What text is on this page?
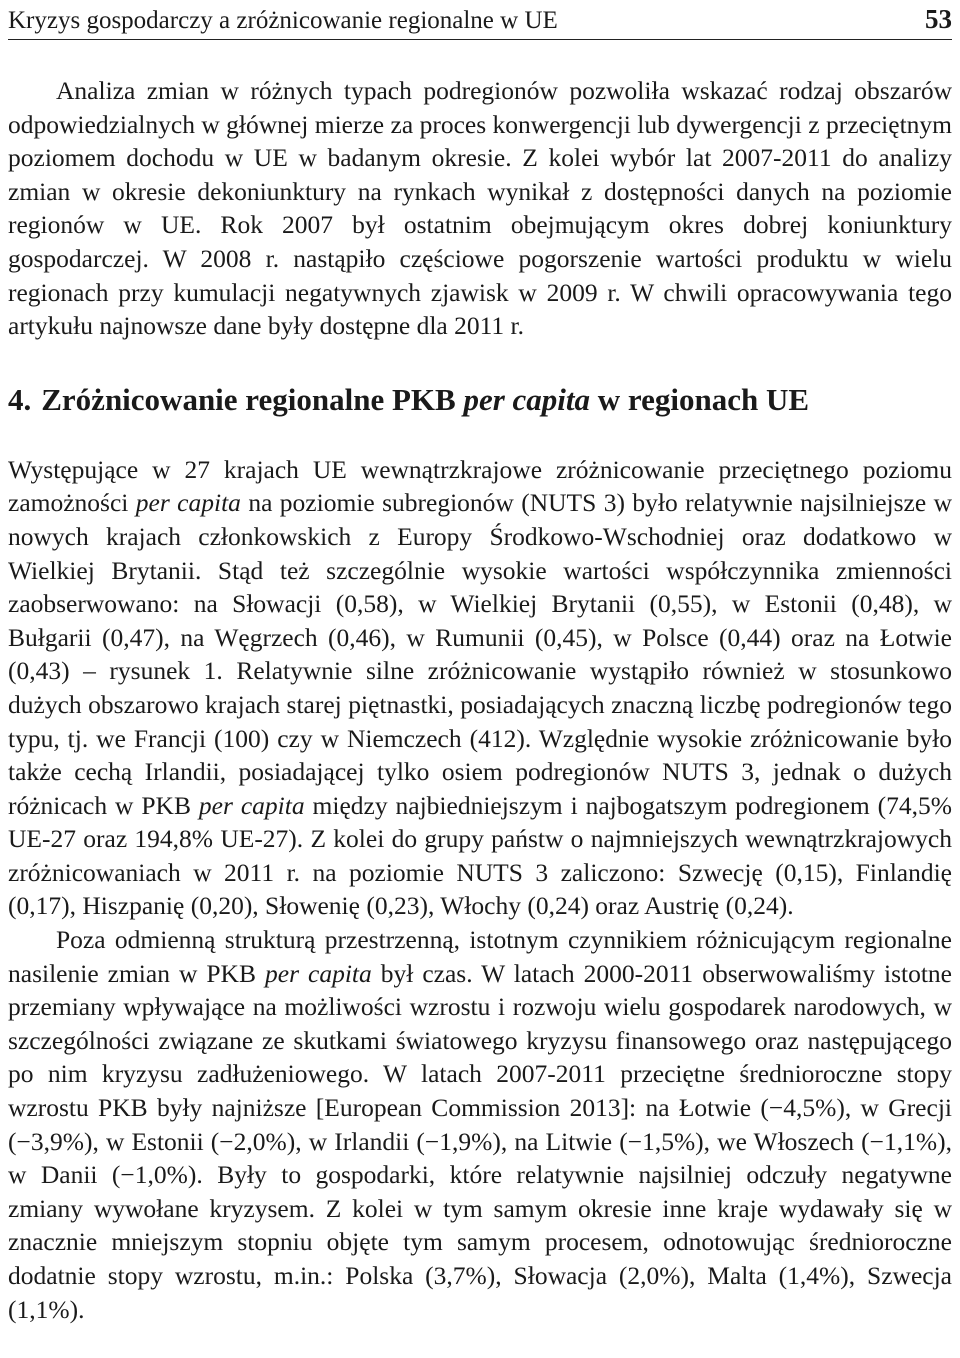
Kryzys gospodarczy a zróżnicowanie regionalne w UE	53

Analiza zmian w różnych typach podregionów pozwoliła wskazać rodzaj obszarów odpowiedzialnych w głównej mierze za proces konwergencji lub dywergencji z przeciętnym poziomem dochodu w UE w badanym okresie. Z kolei wybór lat 2007-2011 do analizy zmian w okresie dekoniunktury na rynkach wynikał z dostępności danych na poziomie regionów w UE. Rok 2007 był ostatnim obejmującym okres dobrej koniunktury gospodarczej. W 2008 r. nastąpiło częściowe pogorszenie wartości produktu w wielu regionach przy kumulacji negatywnych zjawisk w 2009 r. W chwili opracowywania tego artykułu najnowsze dane były dostępne dla 2011 r.

4. Zróżnicowanie regionalne PKB per capita w regionach UE

Występujące w 27 krajach UE wewnątrzkrajowe zróżnicowanie przeciętnego poziomu zamożności per capita na poziomie subregionów (NUTS 3) było relatywnie najsilniejsze w nowych krajach członkowskich z Europy Środkowo-Wschodniej oraz dodatkowo w Wielkiej Brytanii. Stąd też szczególnie wysokie wartości współczynnika zmienności zaobserwowano: na Słowacji (0,58), w Wielkiej Brytanii (0,55), w Estonii (0,48), w Bułgarii (0,47), na Węgrzech (0,46), w Rumunii (0,45), w Polsce (0,44) oraz na Łotwie (0,43) – rysunek 1. Relatywnie silne zróżnicowanie wystąpiło również w stosunkowo dużych obszarowo krajach starej piętnastki, posiadających znaczną liczbę podregionów tego typu, tj. we Francji (100) czy w Niemczech (412). Względnie wysokie zróżnicowanie było także cechą Irlandii, posiadającej tylko osiem podregionów NUTS 3, jednak o dużych różnicach w PKB per capita między najbiedniejszym i najbogatszym podregionem (74,5% UE-27 oraz 194,8% UE-27). Z kolei do grupy państw o najmniejszych wewnątrzkrajowych zróżnicowaniach w 2011 r. na poziomie NUTS 3 zaliczono: Szwecję (0,15), Finlandię (0,17), Hiszpanię (0,20), Słowenię (0,23), Włochy (0,24) oraz Austrię (0,24).

Poza odmienną strukturą przestrzenną, istotnym czynnikiem różnicującym regionalne nasilenie zmian w PKB per capita był czas. W latach 2000-2011 obserwowaliśmy istotne przemiany wpływające na możliwości wzrostu i rozwoju wielu gospodarek narodowych, w szczególności związane ze skutkami światowego kryzysu finansowego oraz następującego po nim kryzysu zadłużeniowego. W latach 2007-2011 przeciętne średnioroczne stopy wzrostu PKB były najniższe [European Commission 2013]: na Łotwie (−4,5%), w Grecji (−3,9%), w Estonii (−2,0%), w Irlandii (−1,9%), na Litwie (−1,5%), we Włoszech (−1,1%), w Danii (−1,0%). Były to gospodarki, które relatywnie najsilniej odczuły negatywne zmiany wywołane kryzysem. Z kolei w tym samym okresie inne kraje wydawały się w znacznie mniejszym stopniu objęte tym samym procesem, odnotowując średnioroczne dodatnie stopy wzrostu, m.in.: Polska (3,7%), Słowacja (2,0%), Malta (1,4%), Szwecja (1,1%).
